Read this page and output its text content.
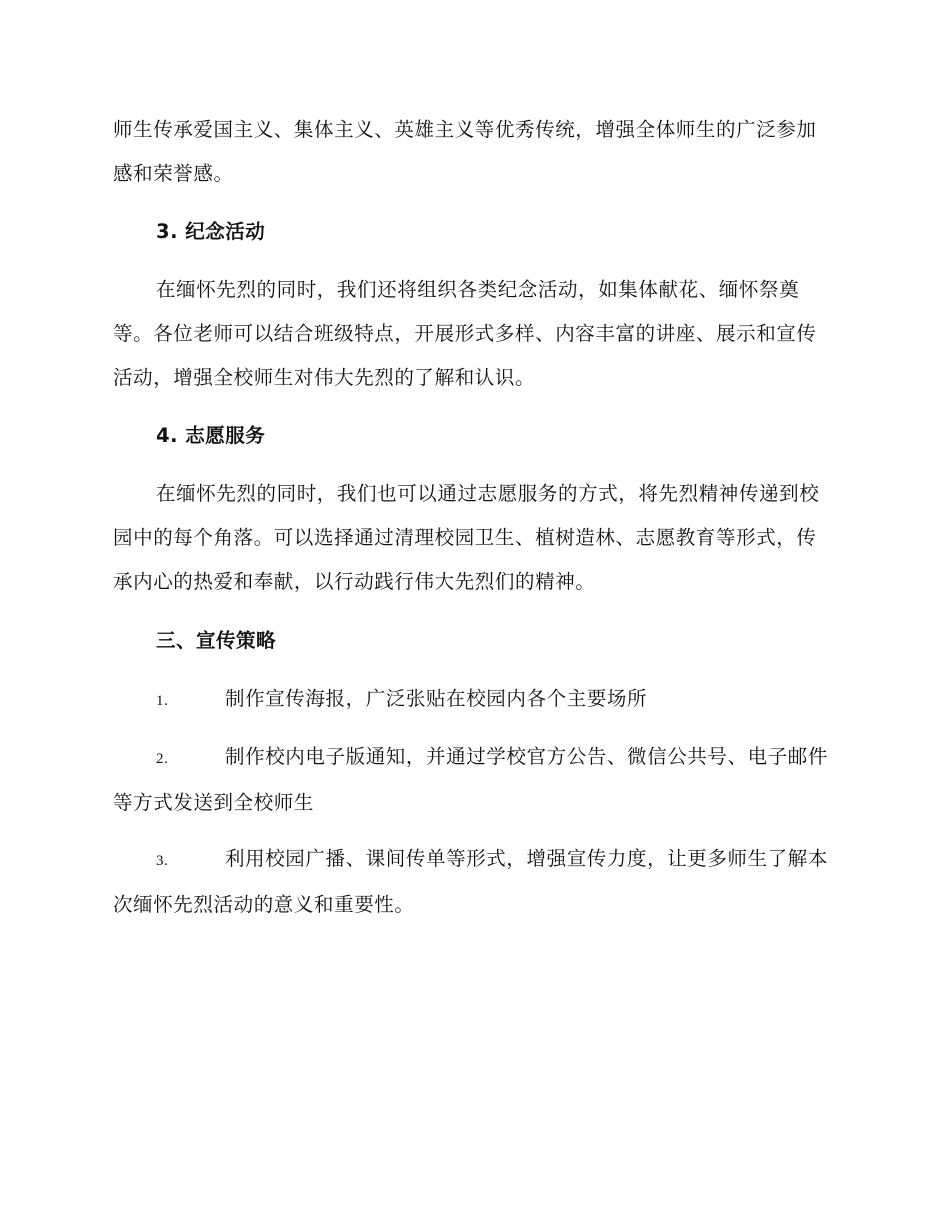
师生传承爱国主义、集体主义、英雄主义等优秀传统，增强全体师生的广泛参加感和荣誉感。

3. 纪念活动

在缅怀先烈的同时，我们还将组织各类纪念活动，如集体献花、缅怀祭奠等。各位老师可以结合班级特点，开展形式多样、内容丰富的讲座、展示和宣传活动，增强全校师生对伟大先烈的了解和认识。

4. 志愿服务

在缅怀先烈的同时，我们也可以通过志愿服务的方式，将先烈精神传递到校园中的每个角落。可以选择通过清理校园卫生、植树造林、志愿教育等形式，传承内心的热爱和奉献，以行动践行伟大先烈们的精神。

三、宣传策略

1.	制作宣传海报，广泛张贴在校园内各个主要场所

2.	制作校内电子版通知，并通过学校官方公告、微信公共号、电子邮件等方式发送到全校师生

3.	利用校园广播、课间传单等形式，增强宣传力度，让更多师生了解本次缅怀先烈活动的意义和重要性。
